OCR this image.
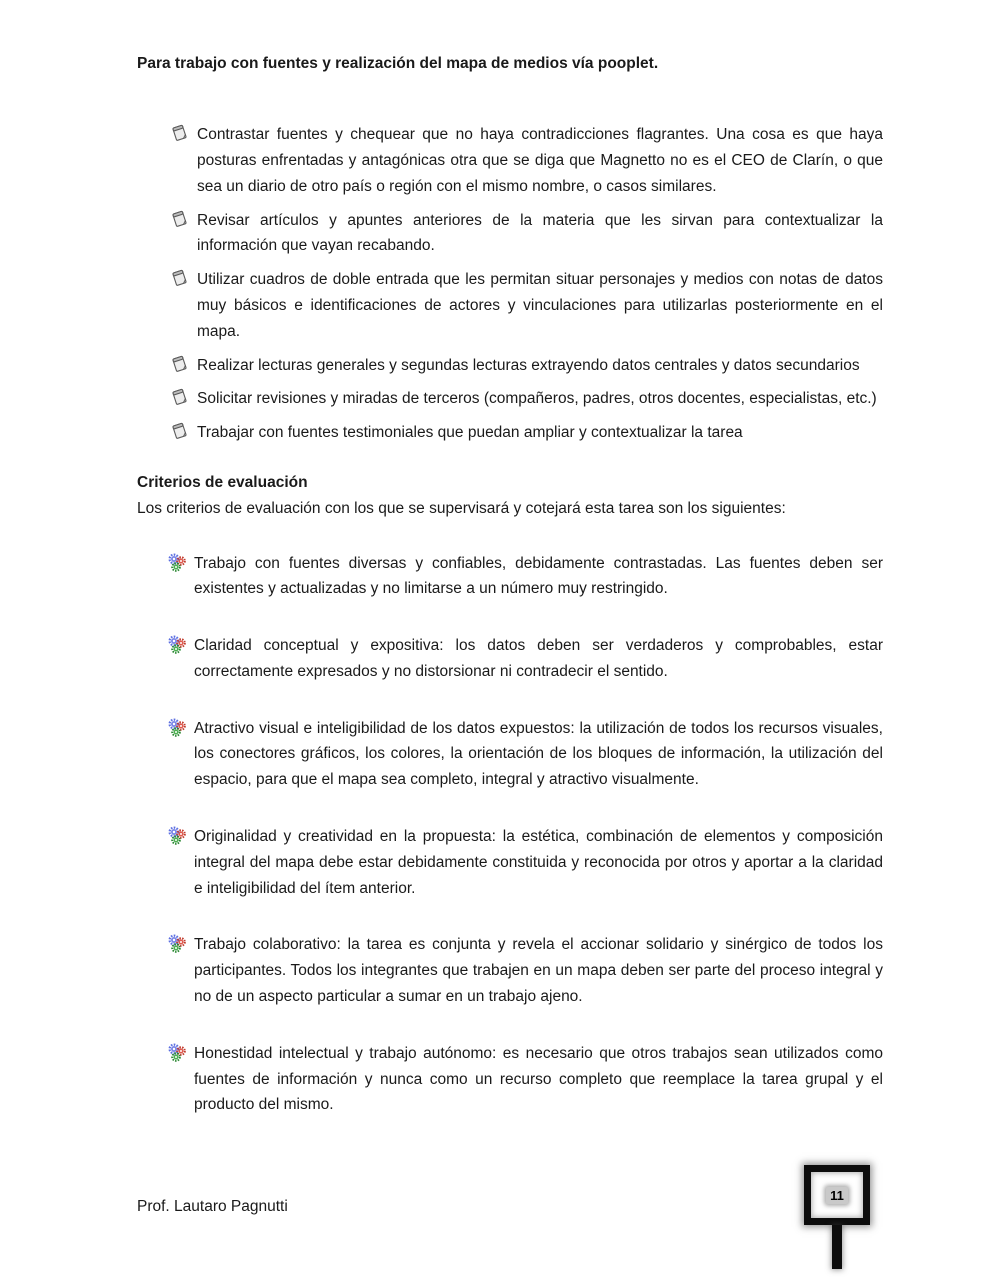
Para trabajo con fuentes y realización del mapa de medios vía pooplet.

Contrastar fuentes y chequear que no haya contradicciones flagrantes. Una cosa es que haya posturas enfrentadas y antagónicas otra que se diga que Magnetto no es el CEO de Clarín, o que sea un diario de otro país o región con el mismo nombre, o casos similares.

Revisar artículos y apuntes anteriores de la materia que les sirvan para contextualizar la información que vayan recabando.

Utilizar cuadros de doble entrada que les permitan situar personajes y medios con notas de datos muy básicos e identificaciones de actores y vinculaciones para utilizarlas posteriormente en el mapa.

Realizar lecturas generales y segundas lecturas extrayendo datos centrales y datos secundarios

Solicitar revisiones y miradas de terceros (compañeros, padres, otros docentes, especialistas, etc.)

Trabajar con fuentes testimoniales que puedan ampliar y contextualizar la tarea

Criterios de evaluación

Los criterios de evaluación con los que se supervisará y cotejará esta tarea son los siguientes:

Trabajo con fuentes diversas y confiables, debidamente contrastadas. Las fuentes deben ser existentes y actualizadas y no limitarse a un número muy restringido.

Claridad conceptual y expositiva: los datos deben ser verdaderos y comprobables, estar correctamente expresados y no distorsionar ni contradecir el sentido.

Atractivo visual e inteligibilidad de los datos expuestos: la utilización de todos los recursos visuales, los conectores gráficos, los colores, la orientación de los bloques de información, la utilización del espacio, para que el mapa sea completo, integral y atractivo visualmente.

Originalidad y creatividad en la propuesta: la estética, combinación de elementos y composición integral del mapa debe estar debidamente constituida y reconocida por otros y aportar a la claridad e inteligibilidad del ítem anterior.

Trabajo colaborativo: la tarea es conjunta y revela el accionar solidario y sinérgico de todos los participantes. Todos los integrantes que trabajen en un mapa deben ser parte del proceso integral y no de un aspecto particular a sumar en un trabajo ajeno.

Honestidad intelectual y trabajo autónomo: es necesario que otros trabajos sean utilizados como fuentes de información y nunca como un recurso completo que reemplace la tarea grupal y el producto del mismo.

Prof. Lautaro Pagnutti
11
